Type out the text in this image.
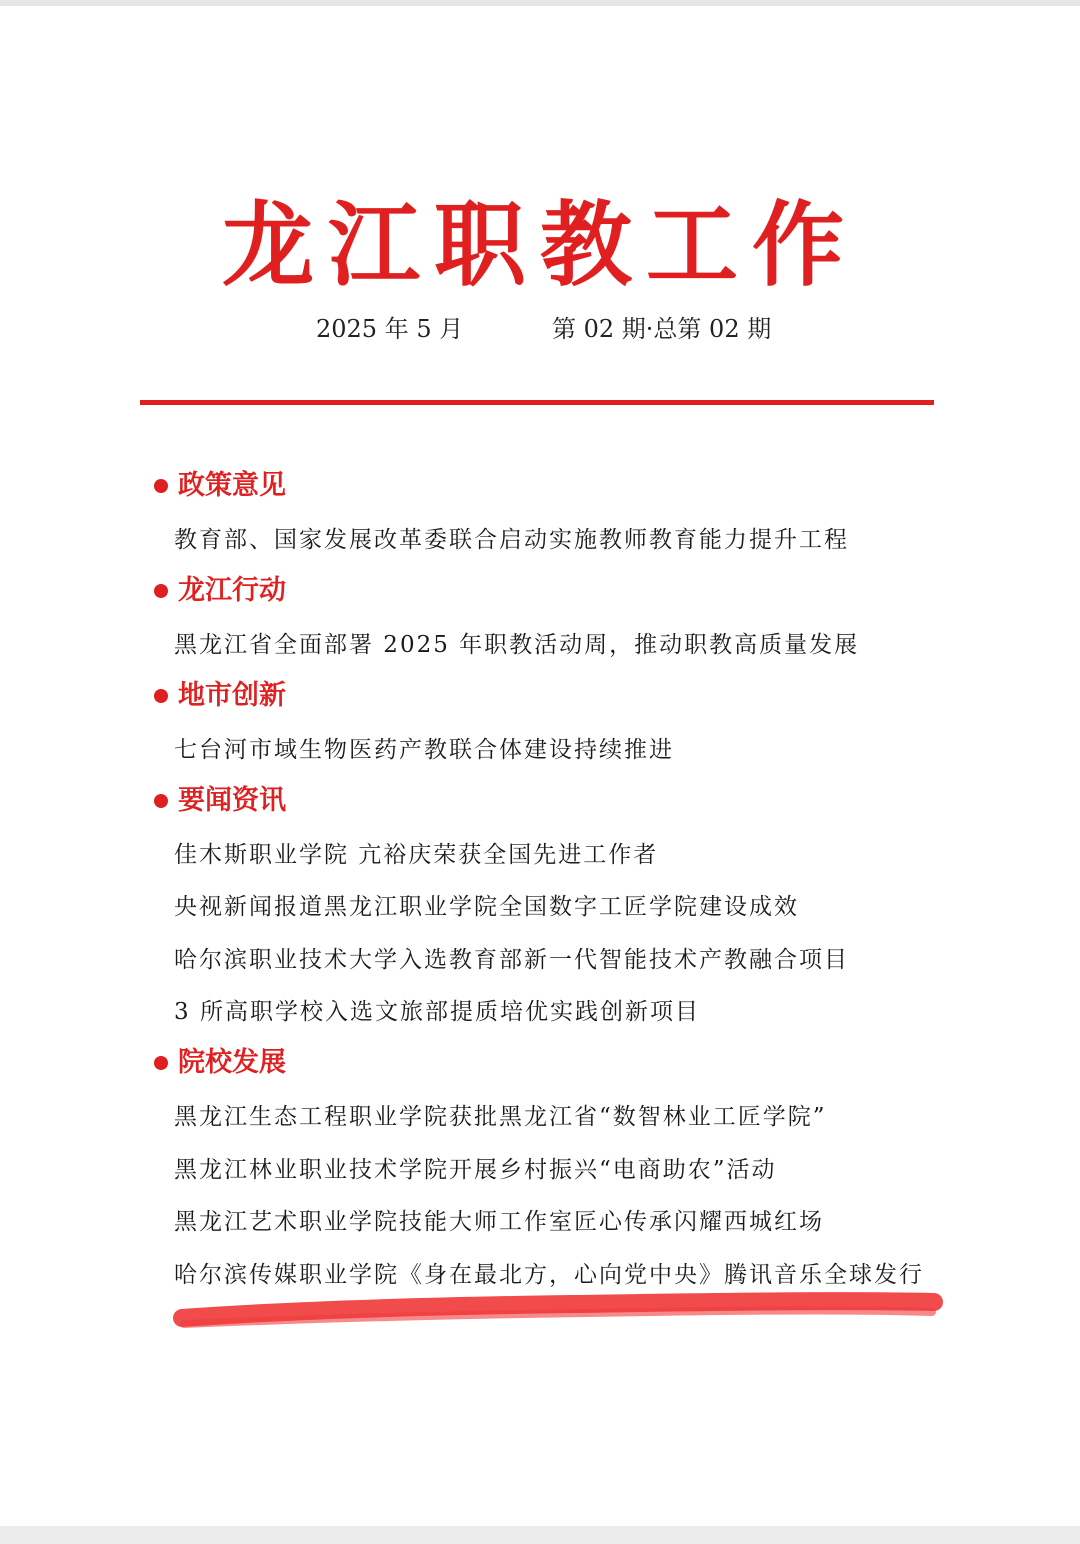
龙江职教工作
2025 年 5 月	第 02 期·总第 02 期
政策意见
教育部、国家发展改革委联合启动实施教师教育能力提升工程
龙江行动
黑龙江省全面部署 2025 年职教活动周，推动职教高质量发展
地市创新
七台河市域生物医药产教联合体建设持续推进
要闻资讯
佳木斯职业学院 亢裕庆荣获全国先进工作者
央视新闻报道黑龙江职业学院全国数字工匠学院建设成效
哈尔滨职业技术大学入选教育部新一代智能技术产教融合项目
3 所高职学校入选文旅部提质培优实践创新项目
院校发展
黑龙江生态工程职业学院获批黑龙江省“数智林业工匠学院”
黑龙江林业职业技术学院开展乡村振兴“电商助农”活动
黑龙江艺术职业学院技能大师工作室匠心传承闪耀西城红场
哈尔滨传媒职业学院《身在最北方，心向党中央》腾讯音乐全球发行
